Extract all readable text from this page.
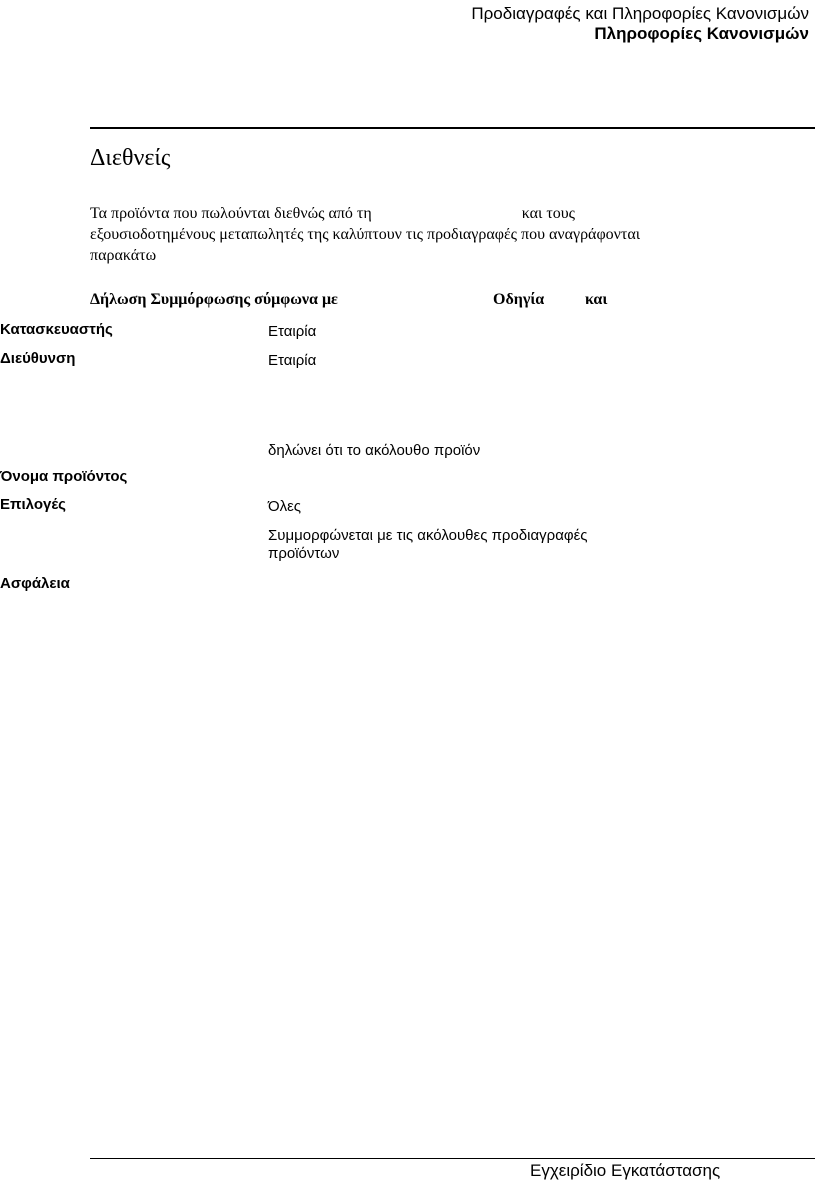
Προδιαγραφές και Πληροφορίες Κανονισμών
Πληροφορίες Κανονισμών
Διεθνείς

Τα προϊόντα που πωλούνται διεθνώς από τη	και τους

εξουσιοδοτημένους μεταπωλητές της καλύπτουν τις προδιαγραφές που αναγράφονται

παρακάτω

Δήλωση Συμμόρφωσης σύμφωνα με	Οδηγία	και
Κατασκευαστής	Εταιρία
Διεύθυνση	Εταιρία
δηλώνει ότι το ακόλουθο προϊόν
Όνομα προϊόντος
Επιλογές	Όλες
Συμμορφώνεται με τις ακόλουθες προδιαγραφές
προϊόντων
Ασφάλεια
Εγχειρίδιο Εγκατάστασης
